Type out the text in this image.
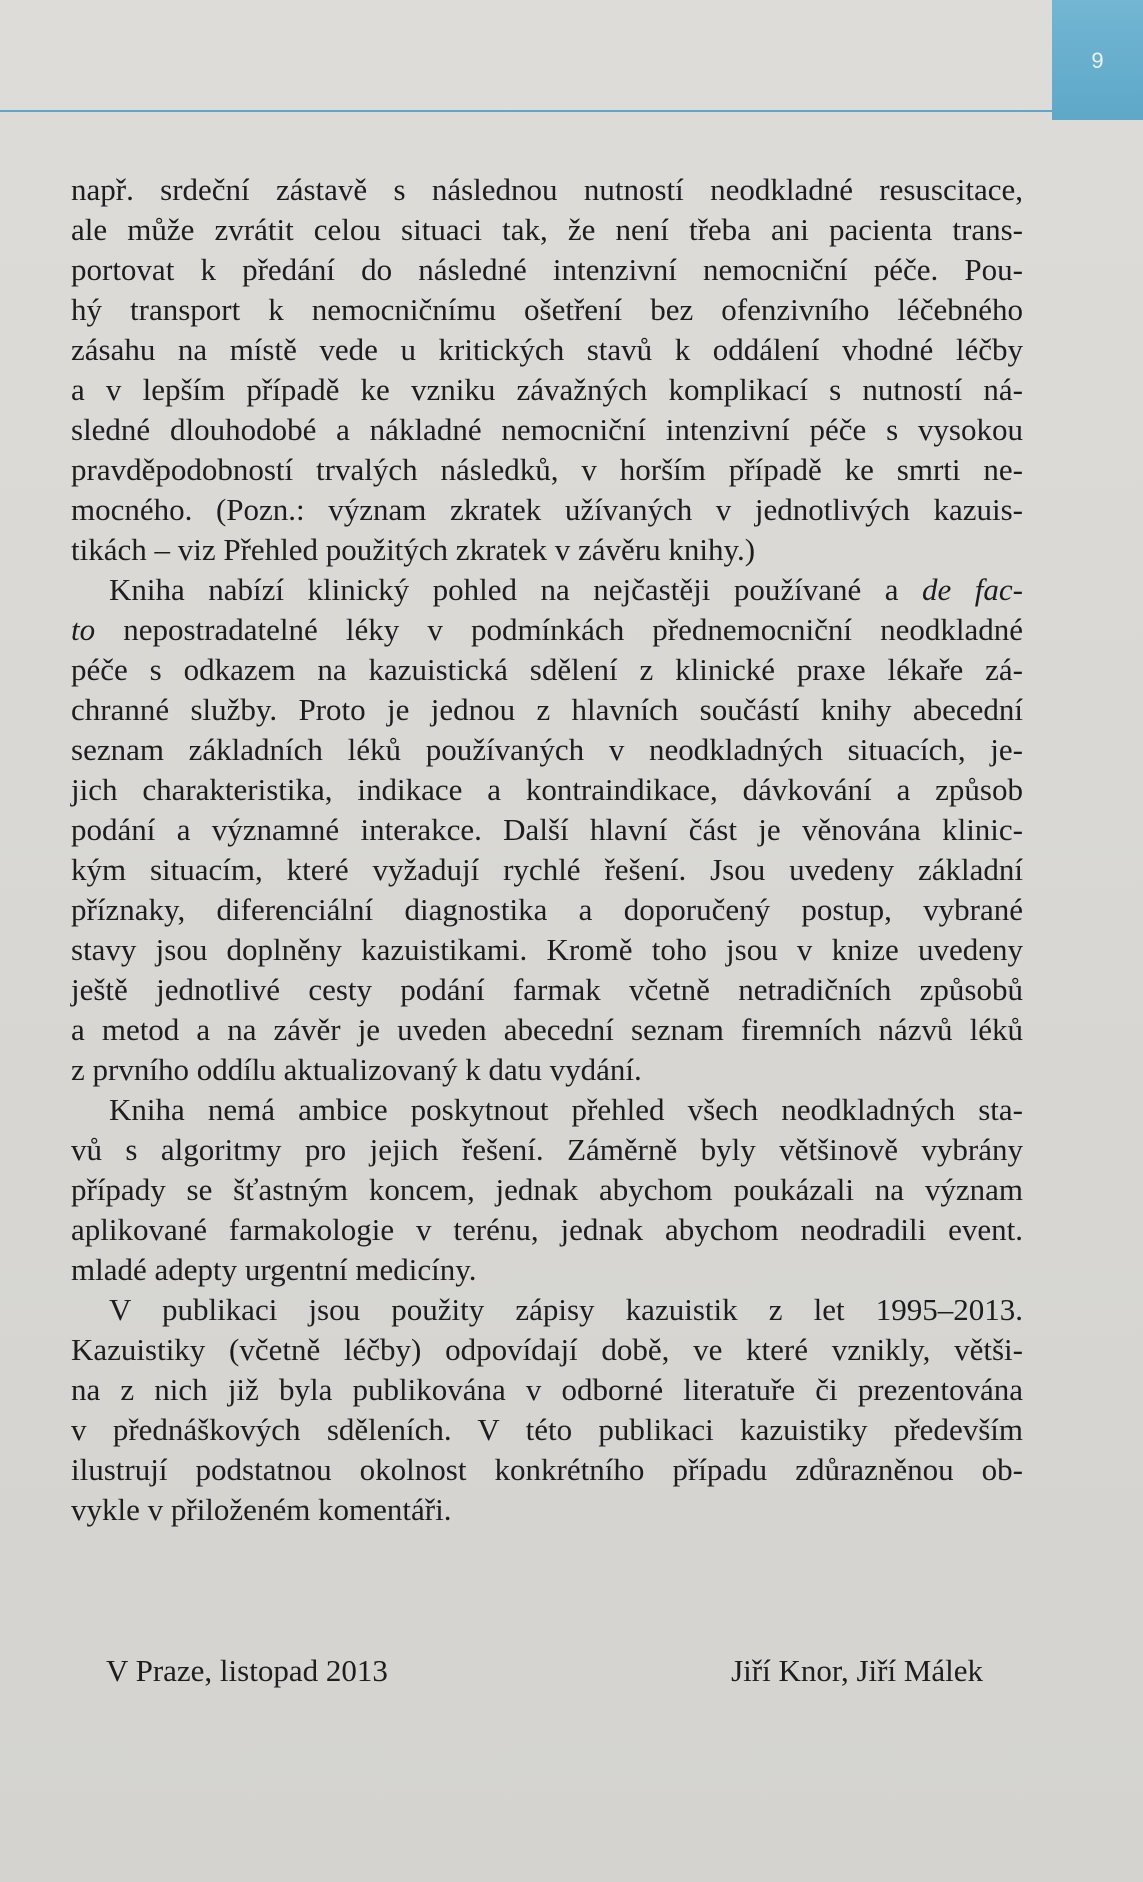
9

např. srdeční zástavě s následnou nutností neodkladné resuscitace,
ale může zvrátit celou situaci tak, že není třeba ani pacienta trans-
portovat k předání do následné intenzivní nemocniční péče. Pou-
hý transport k nemocničnímu ošetření bez ofenzivního léčebného
zásahu na místě vede u kritických stavů k oddálení vhodné léčby
a v lepším případě ke vzniku závažných komplikací s nutností ná-
sledné dlouhodobé a nákladné nemocniční intenzivní péče s vysokou
pravděpodobností trvalých následků, v horším případě ke smrti ne-
mocného. (Pozn.: význam zkratek užívaných v jednotlivých kazuis-
tikách – viz Přehled použitých zkratek v závěru knihy.)

Kniha nabízí klinický pohled na nejčastěji používané a de fac-
to nepostradatelné léky v podmínkách přednemocniční neodkladné
péče s odkazem na kazuistická sdělení z klinické praxe lékaře zá-
chranné služby. Proto je jednou z hlavních součástí knihy abecední
seznam základních léků používaných v neodkladných situacích, je-
jich charakteristika, indikace a kontraindikace, dávkování a způsob
podání a významné interakce. Další hlavní část je věnována klinic-
kým situacím, které vyžadují rychlé řešení. Jsou uvedeny základní
příznaky, diferenciální diagnostika a doporučený postup, vybrané
stavy jsou doplněny kazuistikami. Kromě toho jsou v knize uvedeny
ještě jednotlivé cesty podání farmak včetně netradičních způsobů
a metod a na závěr je uveden abecední seznam firemních názvů léků
z prvního oddílu aktualizovaný k datu vydání.

Kniha nemá ambice poskytnout přehled všech neodkladných sta-
vů s algoritmy pro jejich řešení. Záměrně byly většinově vybrány
případy se šťastným koncem, jednak abychom poukázali na význam
aplikované farmakologie v terénu, jednak abychom neodradili event.
mladé adepty urgentní medicíny.

V publikaci jsou použity zápisy kazuistik z let 1995–2013.
Kazuistiky (včetně léčby) odpovídají době, ve které vznikly, větši-
na z nich již byla publikována v odborné literatuře či prezentována
v přednáškových sděleních. V této publikaci kazuistiky především
ilustrují podstatnou okolnost konkrétního případu zdůrazněnou ob-
vykle v přiloženém komentáři.

V Praze, listopad 2013	Jiří Knor, Jiří Málek
